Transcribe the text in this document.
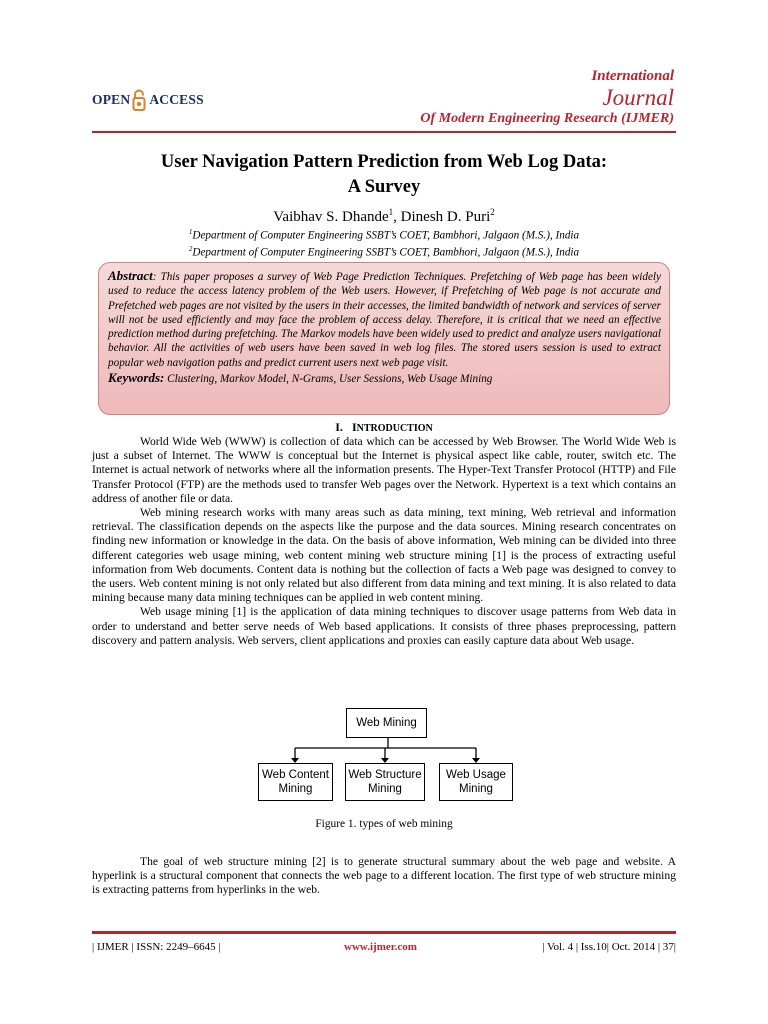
OPEN ACCESS
International
Journal
Of Modern Engineering Research (IJMER)
User Navigation Pattern Prediction from Web Log Data:
A Survey
Vaibhav S. Dhande$^1$, Dinesh D. Puri$^2$
$^1$Department of Computer Engineering SSBT’s COET, Bambhori, Jalgaon (M.S.), India
$^2$Department of Computer Engineering SSBT’s COET, Bambhori, Jalgaon (M.S.), India

Abstract: This paper proposes a survey of Web Page Prediction Techniques. Prefetching of Web page has been widely used to reduce the access latency problem of the Web users. However, if Prefetching of Web page is not accurate and Prefetched web pages are not visited by the users in their accesses, the limited bandwidth of network and services of server will not be used efficiently and may face the problem of access delay. Therefore, it is critical that we need an effective prediction method during prefetching. The Markov models have been widely used to predict and analyze users navigational behavior. All the activities of web users have been saved in web log files. The stored users session is used to extract popular web navigation paths and predict current users next web page visit.

Keywords: Clustering, Markov Model, N-Grams, User Sessions, Web Usage Mining

I. INTRODUCTION

World Wide Web (WWW) is collection of data which can be accessed by Web Browser. The World Wide Web is just a subset of Internet. The WWW is conceptual but the Internet is physical aspect like cable, router, switch etc. The Internet is actual network of networks where all the information presents. The Hyper-Text Transfer Protocol (HTTP) and File Transfer Protocol (FTP) are the methods used to transfer Web pages over the Network. Hypertext is a text which contains an address of another file or data.

Web mining research works with many areas such as data mining, text mining, Web retrieval and information retrieval. The classification depends on the aspects like the purpose and the data sources. Mining research concentrates on finding new information or knowledge in the data. On the basis of above information, Web mining can be divided into three different categories web usage mining, web content mining web structure mining [1] is the process of extracting useful information from Web documents. Content data is nothing but the collection of facts a Web page was designed to convey to the users. Web content mining is not only related but also different from data mining and text mining. It is also related to data mining because many data mining techniques can be applied in web content mining.

Web usage mining [1] is the application of data mining techniques to discover usage patterns from Web data in order to understand and better serve needs of Web based applications. It consists of three phases preprocessing, pattern discovery and pattern analysis. Web servers, client applications and proxies can easily capture data about Web usage.

Web Mining
Web Content
Mining
Web Structure
Mining
Web Usage
Mining
Figure 1. types of web mining

The goal of web structure mining [2] is to generate structural summary about the web page and website. A hyperlink is a structural component that connects the web page to a different location. The first type of web structure mining is extracting patterns from hyperlinks in the web.

| IJMER | ISSN: 2249–6645 |	www.ijmer.com	| Vol. 4 | Iss.10| Oct. 2014 | 37|
